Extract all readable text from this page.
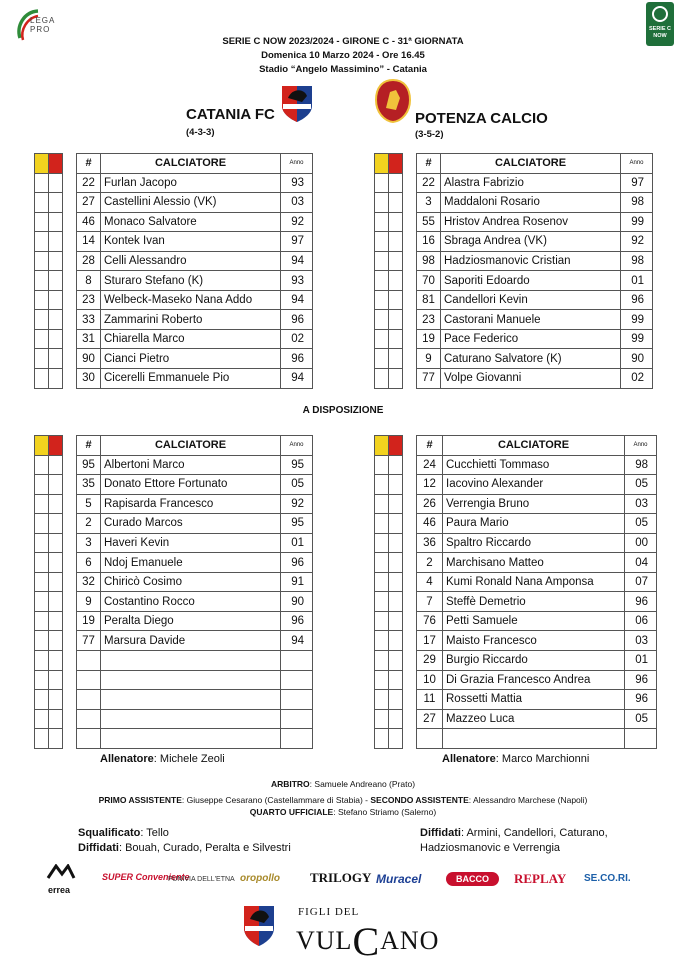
LEGA PRO	SERIE C NOW
SERIE C NOW 2023/2024 - GIRONE C - 31ª GIORNATA
Domenica 10 Marzo 2024 - Ore 16.45
Stadio “Angelo Massimino” - Catania
CATANIA FC
(4-3-3)
POTENZA CALCIO
(3-5-2)

#	CALCIATORE	Anno
22	Furlan Jacopo	93
27	Castellini Alessio (VK)	03
46	Monaco Salvatore	92
14	Kontek Ivan	97
28	Celli Alessandro	94
8	Sturaro Stefano (K)	93
23	Welbeck-Maseko Nana Addo	94
33	Zammarini Roberto	96
31	Chiarella Marco	02
90	Cianci Pietro	96
30	Cicerelli Emmanuele Pio	94

#	CALCIATORE	Anno
22	Alastra Fabrizio	97
3	Maddaloni Rosario	98
55	Hristov Andrea Rosenov	99
16	Sbraga Andrea (VK)	92
98	Hadziosmanovic Cristian	98
70	Saporiti Edoardo	01
81	Candellori Kevin	96
23	Castorani Manuele	99
19	Pace Federico	99
9	Caturano Salvatore (K)	90
77	Volpe Giovanni	02
A DISPOSIZIONE

#	CALCIATORE	Anno
95	Albertoni Marco	95
35	Donato Ettore Fortunato	05
5	Rapisarda Francesco	92
2	Curado Marcos	95
3	Haveri Kevin	01
6	Ndoj Emanuele	96
32	Chiricò Cosimo	91
9	Costantino Rocco	90
19	Peralta Diego	96
77	Marsura Davide	94

#	CALCIATORE	Anno
24	Cucchietti Tommaso	98
12	Iacovino Alexander	05
26	Verrengia Bruno	03
46	Paura Mario	05
36	Spaltro Riccardo	00
2	Marchisano Matteo	04
4	Kumi Ronald Nana Amponsa	07
7	Steffè Demetrio	96
76	Petti Samuele	06
17	Maisto Francesco	03
29	Burgio Riccardo	01
10	Di Grazia Francesco Andrea	96
11	Rossetti Mattia	96
27	Mazzeo Luca	05

Allenatore: Michele Zeoli	Allenatore: Marco Marchionni
ARBITRO: Samuele Andreano (Prato)
PRIMO ASSISTENTE: Giuseppe Cesarano (Castellammare di Stabia) - SECONDO ASSISTENTE: Alessandro Marchese (Napoli)
QUARTO UFFICIALE: Stefano Striamo (Salerno)
Squalificato: Tello
Diffidati: Bouah, Curado, Peralta e Silvestri
Diffidati: Armini, Candellori, Caturano,
Hadziosmanovic e Verrengia
errea
SUPER Conveniente
FUNIVIA DELL'ETNA oropollo TRILOGY Muracel	BACCO	REPLAY SE.CO.RI.
FIGLI DEL
VULCANO
